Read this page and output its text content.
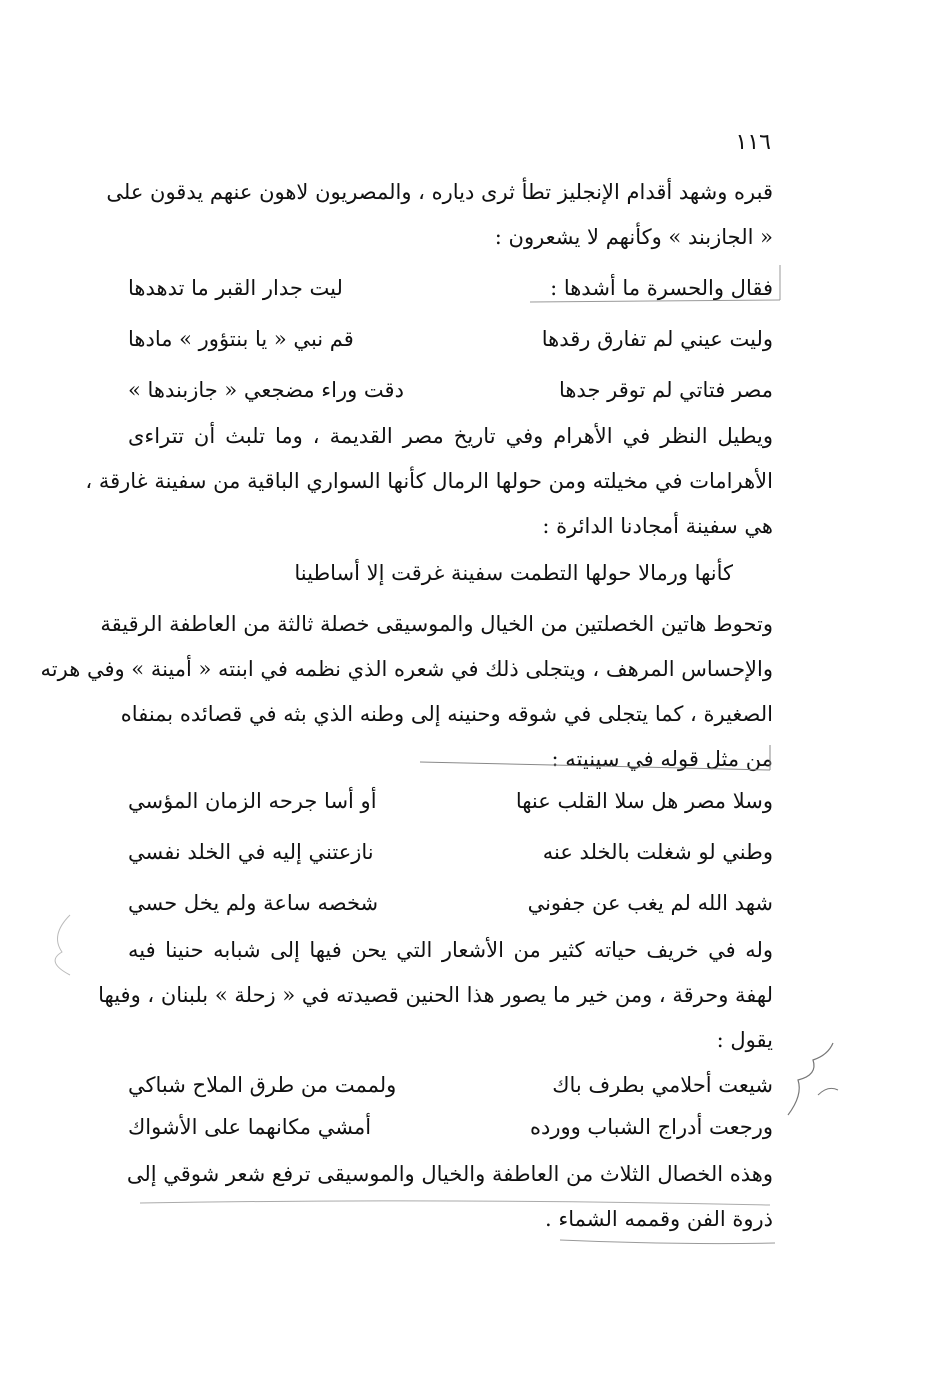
١١٦
قبره وشهد أقدام الإنجليز تطأ ثرى دياره ، والمصريون لاهون عنهم يدقون على
« الجازبند » وكأنهم لا يشعرون :
فقال والحسرة ما أشدها :
ليت جدار القبر ما تدهدها
وليت عيني لم تفارق رقدها
قم نبي « يا بنتؤور » مادها
مصر فتاتي لم توقر جدها
دقت وراء مضجعي « جازبندها »
ويطيل النظر في الأهرام وفي تاريخ مصر القديمة ، وما تلبث أن تتراءى
الأهرامات في مخيلته ومن حولها الرمال كأنها السواري الباقية من سفينة غارقة ،
هي سفينة أمجادنا الدائرة :
كأنها ورمالا حولها التطمت سفينة غرقت إلا أساطينا
وتحوط هاتين الخصلتين من الخيال والموسيقى خصلة ثالثة من العاطفة الرقيقة
والإحساس المرهف ، ويتجلى ذلك في شعره الذي نظمه في ابنته « أمينة » وفي هرته
الصغيرة ، كما يتجلى في شوقه وحنينه إلى وطنه الذي بثه في قصائده بمنفاه
من مثل قوله في سينيته :
وسلا مصر هل سلا القلب عنها
أو أسا جرحه الزمان المؤسي
وطني لو شغلت بالخلد عنه
نازعتني إليه في الخلد نفسي
شهد الله لم يغب عن جفوني
شخصه ساعة ولم يخل حسي
وله في خريف حياته كثير من الأشعار التي يحن فيها إلى شبابه حنينا فيه
لهفة وحرقة ، ومن خير ما يصور هذا الحنين قصيدته في « زحلة » بلبنان ، وفيها
يقول :
شيعت أحلامي بطرف باك
ولممت من طرق الملاح شباكي
ورجعت أدراج الشباب وورده
أمشي مكانهما على الأشواك
وهذه الخصال الثلاث من العاطفة والخيال والموسيقى ترفع شعر شوقي إلى
ذروة الفن وقممه الشماء .
